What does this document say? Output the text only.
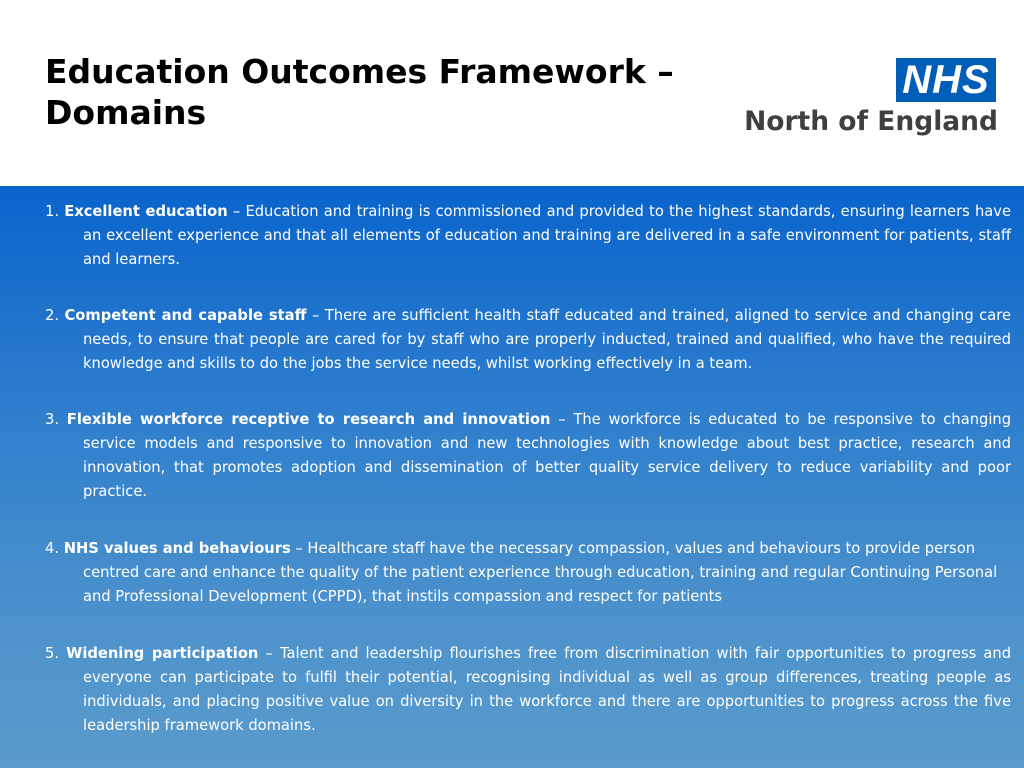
Education Outcomes Framework – Domains
NHS
North of England

1. Excellent education – Education and training is commissioned and provided to the highest standards, ensuring learners have an excellent experience and that all elements of education and training are delivered in a safe environment for patients, staff and learners.

2. Competent and capable staff – There are sufficient health staff educated and trained, aligned to service and changing care needs, to ensure that people are cared for by staff who are properly inducted, trained and qualified, who have the required knowledge and skills to do the jobs the service needs, whilst working effectively in a team.

3. Flexible workforce receptive to research and innovation – The workforce is educated to be responsive to changing service models and responsive to innovation and new technologies with knowledge about best practice, research and innovation, that promotes adoption and dissemination of better quality service delivery to reduce variability and poor practice.

4. NHS values and behaviours – Healthcare staff have the necessary compassion, values and behaviours to provide person centred care and enhance the quality of the patient experience through education, training and regular Continuing Personal and Professional Development (CPPD), that instils compassion and respect for patients

5. Widening participation – Talent and leadership flourishes free from discrimination with fair opportunities to progress and everyone can participate to fulfil their potential, recognising individual as well as group differences, treating people as individuals, and placing positive value on diversity in the workforce and there are opportunities to progress across the five leadership framework domains.
